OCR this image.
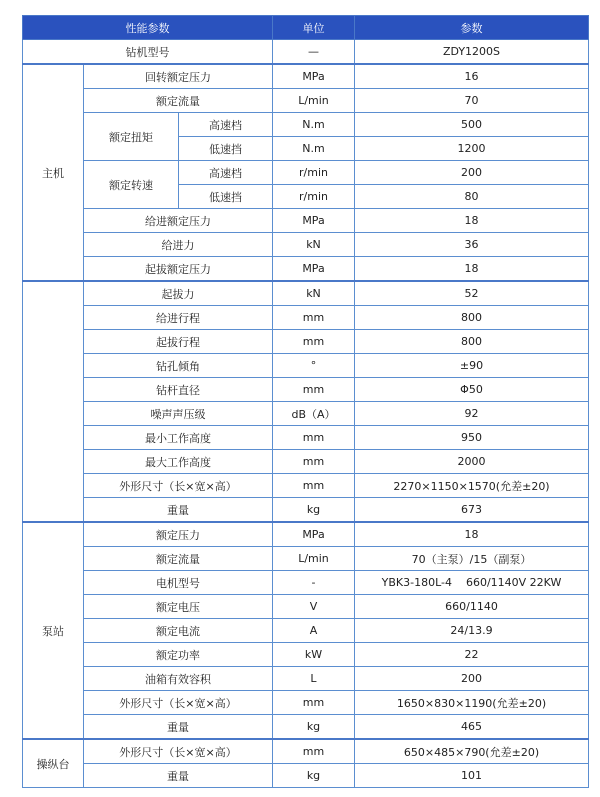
性能参数			单位	参数
钻机型号			—	ZDY1200S
主机	回转额定压力		MPa	16
	额定流量		L/min	70
	额定扭矩	高速档	N.m	500
		低速挡	N.m	1200
	额定转速	高速档	r/min	200
		低速挡	r/min	80
	给进额定压力		MPa	18
	给进力		kN	36
	起拔额定压力		MPa	18
	起拔力		kN	52
	给进行程		mm	800
	起拔行程		mm	800
	钻孔倾角		°	±90
	钻杆直径		mm	Φ50
	噪声声压级		dB（A）	92
	最小工作高度		mm	950
	最大工作高度		mm	2000
	外形尺寸（长×宽×高）		mm	2270×1150×1570(允差±20)
	重量		kg	673
泵站	额定压力		MPa	18
	额定流量		L/min	70（主泵）/15（副泵）
	电机型号		-	YBK3-180L-4    660/1140V 22KW
	额定电压		V	660/1140
	额定电流		A	24/13.9
	额定功率		kW	22
	油箱有效容积		L	200
	外形尺寸（长×宽×高）		mm	1650×830×1190(允差±20)
	重量		kg	465
操纵台	外形尺寸（长×宽×高）		mm	650×485×790(允差±20)
	重量		kg	101
